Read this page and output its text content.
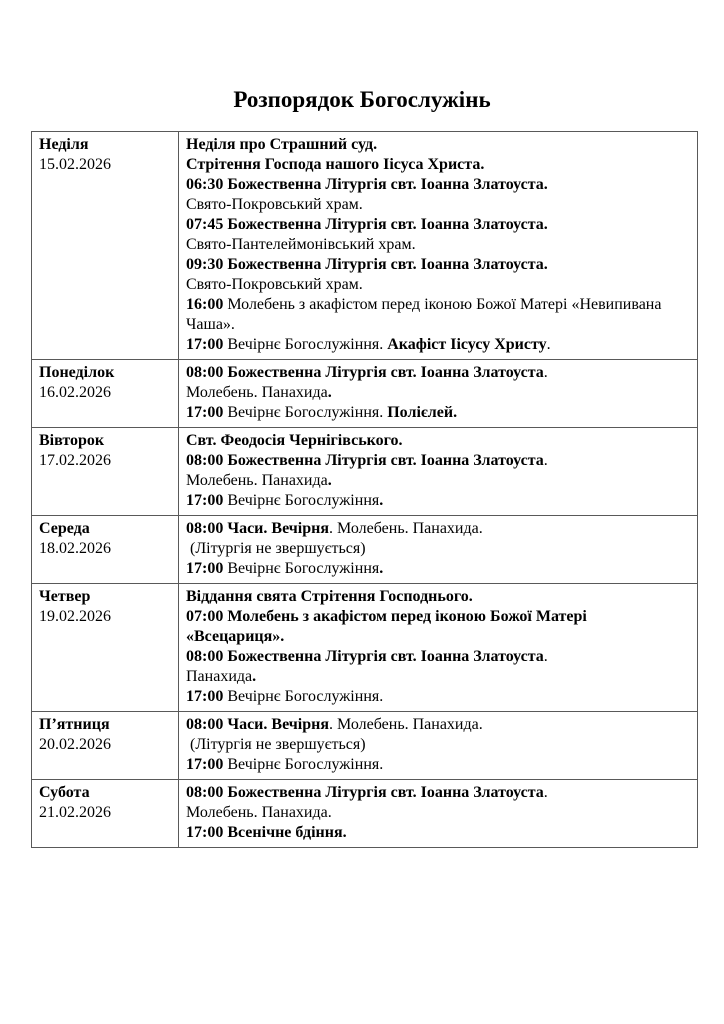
Розпорядок Богослужінь
Неділя
15.02.2026

Неділя про Страшний суд.
Стрітення Господа нашого Іісуса Христа.
06:30 Божественна Літургія свт. Іоанна Златоуста.
Свято-Покровський храм.
07:45 Божественна Літургія свт. Іоанна Златоуста.
Свято-Пантелеймонівський храм.
09:30 Божественна Літургія свт. Іоанна Златоуста.
Свято-Покровський храм.
16:00 Молебень з акафістом перед іконою Божої Матері «Невипивана Чаша».
17:00 Вечірнє Богослужіння. Акафіст Іісусу Христу.

Понеділок
16.02.2026

08:00 Божественна Літургія свт. Іоанна Златоуста.
Молебень. Панахида.
17:00 Вечірнє Богослужіння. Полієлей.

Вівторок
17.02.2026

Свт. Феодосія Чернігівського.
08:00 Божественна Літургія свт. Іоанна Златоуста.
Молебень. Панахида.
17:00 Вечірнє Богослужіння.

Середа
18.02.2026

08:00 Часи. Вечірня. Молебень. Панахида.
(Літургія не звершується)
17:00 Вечірнє Богослужіння.

Четвер
19.02.2026

Віддання свята Стрітення Господнього.
07:00 Молебень з акафістом перед іконою Божої Матері «Всецариця».
08:00 Божественна Літургія свт. Іоанна Златоуста.
Панахида.
17:00 Вечірнє Богослужіння.

П’ятниця
20.02.2026

08:00 Часи. Вечірня. Молебень. Панахида.
(Літургія не звершується)
17:00 Вечірнє Богослужіння.

Субота
21.02.2026

08:00 Божественна Літургія свт. Іоанна Златоуста.
Молебень. Панахида.
17:00 Всенічне бдіння.
